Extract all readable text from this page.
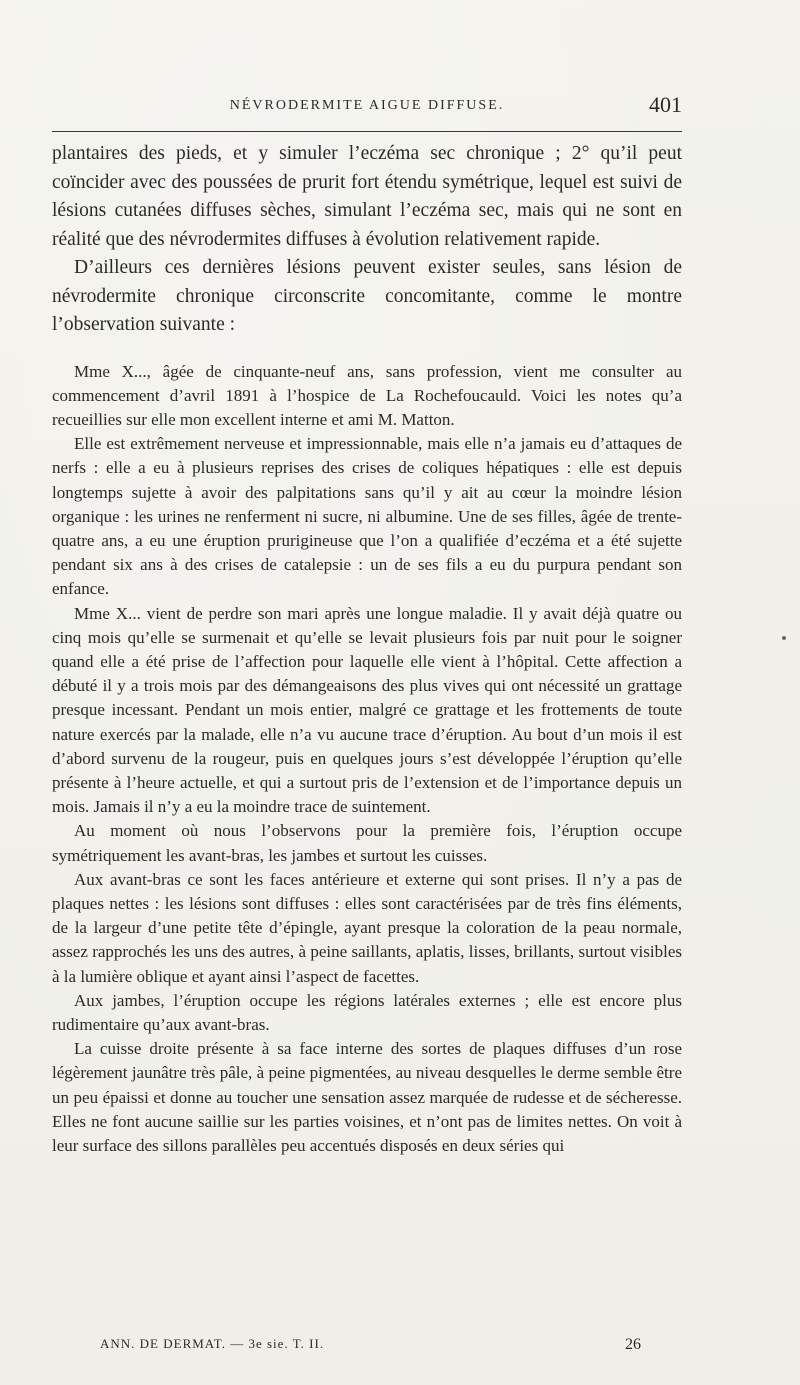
NÉVRODERMITE AIGUE DIFFUSE.	401

plantaires des pieds, et y simuler l’eczéma sec chronique ; 2° qu’il peut coïncider avec des poussées de prurit fort étendu symétrique, lequel est suivi de lésions cutanées diffuses sèches, simulant l’eczéma sec, mais qui ne sont en réalité que des névrodermites diffuses à évolution relativement rapide.

D’ailleurs ces dernières lésions peuvent exister seules, sans lésion de névrodermite chronique circonscrite concomitante, comme le montre l’observation suivante :

Mme X..., âgée de cinquante-neuf ans, sans profession, vient me consulter au commencement d’avril 1891 à l’hospice de La Rochefoucauld. Voici les notes qu’a recueillies sur elle mon excellent interne et ami M. Matton.

Elle est extrêmement nerveuse et impressionnable, mais elle n’a jamais eu d’attaques de nerfs : elle a eu à plusieurs reprises des crises de coliques hépatiques : elle est depuis longtemps sujette à avoir des palpitations sans qu’il y ait au cœur la moindre lésion organique : les urines ne renferment ni sucre, ni albumine. Une de ses filles, âgée de trente-quatre ans, a eu une éruption prurigineuse que l’on a qualifiée d’eczéma et a été sujette pendant six ans à des crises de catalepsie : un de ses fils a eu du purpura pendant son enfance.

Mme X... vient de perdre son mari après une longue maladie. Il y avait déjà quatre ou cinq mois qu’elle se surmenait et qu’elle se levait plusieurs fois par nuit pour le soigner quand elle a été prise de l’affection pour laquelle elle vient à l’hôpital. Cette affection a débuté il y a trois mois par des démangeaisons des plus vives qui ont nécessité un grattage presque incessant. Pendant un mois entier, malgré ce grattage et les frottements de toute nature exercés par la malade, elle n’a vu aucune trace d’éruption. Au bout d’un mois il est d’abord survenu de la rougeur, puis en quelques jours s’est développée l’éruption qu’elle présente à l’heure actuelle, et qui a surtout pris de l’extension et de l’importance depuis un mois. Jamais il n’y a eu la moindre trace de suintement.

Au moment où nous l’observons pour la première fois, l’éruption occupe symétriquement les avant-bras, les jambes et surtout les cuisses.

Aux avant-bras ce sont les faces antérieure et externe qui sont prises. Il n’y a pas de plaques nettes : les lésions sont diffuses : elles sont caractérisées par de très fins éléments, de la largeur d’une petite tête d’épingle, ayant presque la coloration de la peau normale, assez rapprochés les uns des autres, à peine saillants, aplatis, lisses, brillants, surtout visibles à la lumière oblique et ayant ainsi l’aspect de facettes.

Aux jambes, l’éruption occupe les régions latérales externes ; elle est encore plus rudimentaire qu’aux avant-bras.

La cuisse droite présente à sa face interne des sortes de plaques diffuses d’un rose légèrement jaunâtre très pâle, à peine pigmentées, au niveau desquelles le derme semble être un peu épaissi et donne au toucher une sensation assez marquée de rudesse et de sécheresse. Elles ne font aucune saillie sur les parties voisines, et n’ont pas de limites nettes. On voit à leur surface des sillons parallèles peu accentués disposés en deux séries qui

ANN. DE DERMAT. — 3e sie. T. II.	26
